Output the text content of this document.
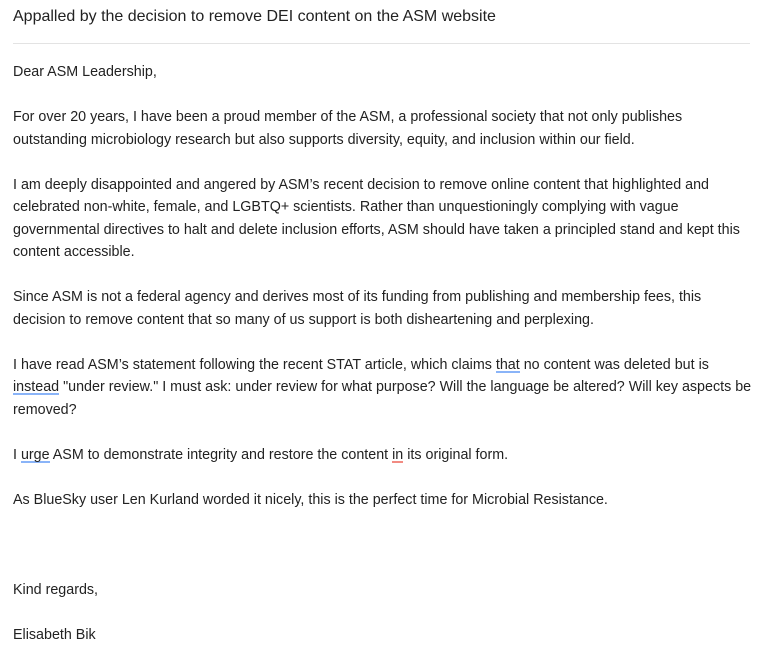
Appalled by the decision to remove DEI content on the ASM website

Dear ASM Leadership,

For over 20 years, I have been a proud member of the ASM, a professional society that not only publishes outstanding microbiology research but also supports diversity, equity, and inclusion within our field.

I am deeply disappointed and angered by ASM’s recent decision to remove online content that highlighted and celebrated non-white, female, and LGBTQ+ scientists. Rather than unquestioningly complying with vague governmental directives to halt and delete inclusion efforts, ASM should have taken a principled stand and kept this content accessible.

Since ASM is not a federal agency and derives most of its funding from publishing and membership fees, this decision to remove content that so many of us support is both disheartening and perplexing.

I have read ASM’s statement following the recent STAT article, which claims that no content was deleted but is instead "under review." I must ask: under review for what purpose? Will the language be altered? Will key aspects be removed?

I urge ASM to demonstrate integrity and restore the content in its original form.

As BlueSky user Len Kurland worded it nicely, this is the perfect time for Microbial Resistance.

Kind regards,

Elisabeth Bik
